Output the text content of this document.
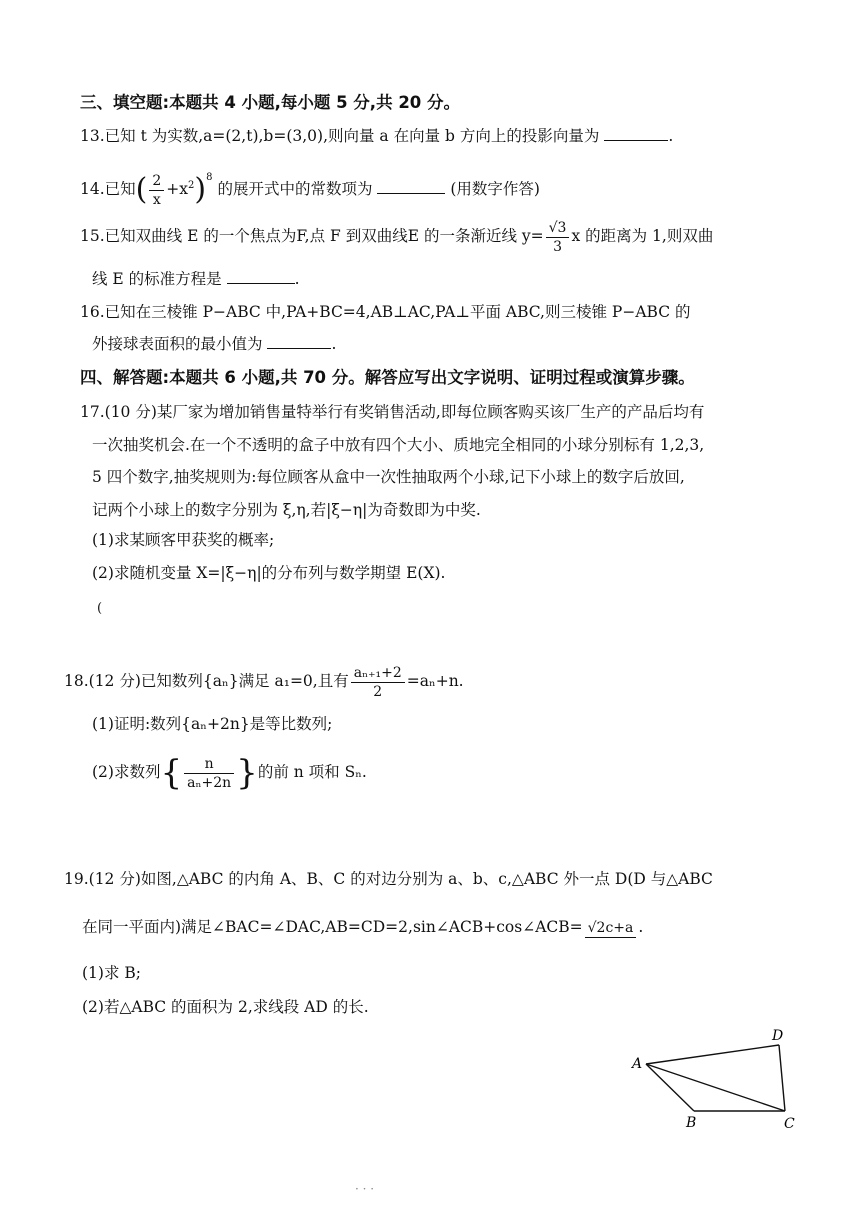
三、填空题:本题共 4 小题,每小题 5 分,共 20 分。
13.已知 t 为实数,a=(2,t),b=(3,0),则向量 a 在向量 b 方向上的投影向量为	.
14.已知( $\frac{2}{x} +x^2)^8$ 的展开式中的常数项为	(用数字作答)
15.已知双曲线 E 的一个焦点为F,点 F 到双曲线E 的一条渐近线 $y= \frac{√3}{3}$ x 的距离为 1,则双曲
线 E 的标准方程是	.
16.已知在三棱锥 P−ABC 中,PA+BC=4,AB⊥AC,PA⊥平面 ABC,则三棱锥 P−ABC 的
外接球表面积的最小值为	.
四、解答题:本题共 6 小题,共 70 分。解答应写出文字说明、证明过程或演算步骤。
17.(10 分)某厂家为增加销售量特举行有奖销售活动,即每位顾客购买该厂生产的产品后均有
一次抽奖机会.在一个不透明的盒子中放有四个大小、质地完全相同的小球分别标有 1,2,3,
5 四个数字,抽奖规则为:每位顾客从盒中一次性抽取两个小球,记下小球上的数字后放回,
记两个小球上的数字分别为 ξ,η,若|ξ−η|为奇数即为中奖.
(1)求某顾客甲获奖的概率;
(2)求随机变量 X=|ξ−η|的分布列与数学期望 E(X).
(
18.(12 分)已知数列{aₙ}满足 a₁=0,且有 $\frac{\text{aₙ₊₁+2}}{2} =a_n+n$.
(1)证明:数列{aₙ+2n}是等比数列;
(2)求数列{ $\frac{n}{\text{aₙ+2n}}$ }的前 n 项和 Sₙ.
19.(12 分)如图,△ABC 的内角 A、B、C 的对边分别为 a、b、c,△ABC 外一点 D(D 与△ABC
在同一平面内)满足∠BAC=∠DAC,AB=CD=2,sin∠ACB+cos∠ACB= √2c+a .
(1)求 B;
(2)若△ABC 的面积为 2,求线段 AD 的长.
A
B	C
D
· · ·
